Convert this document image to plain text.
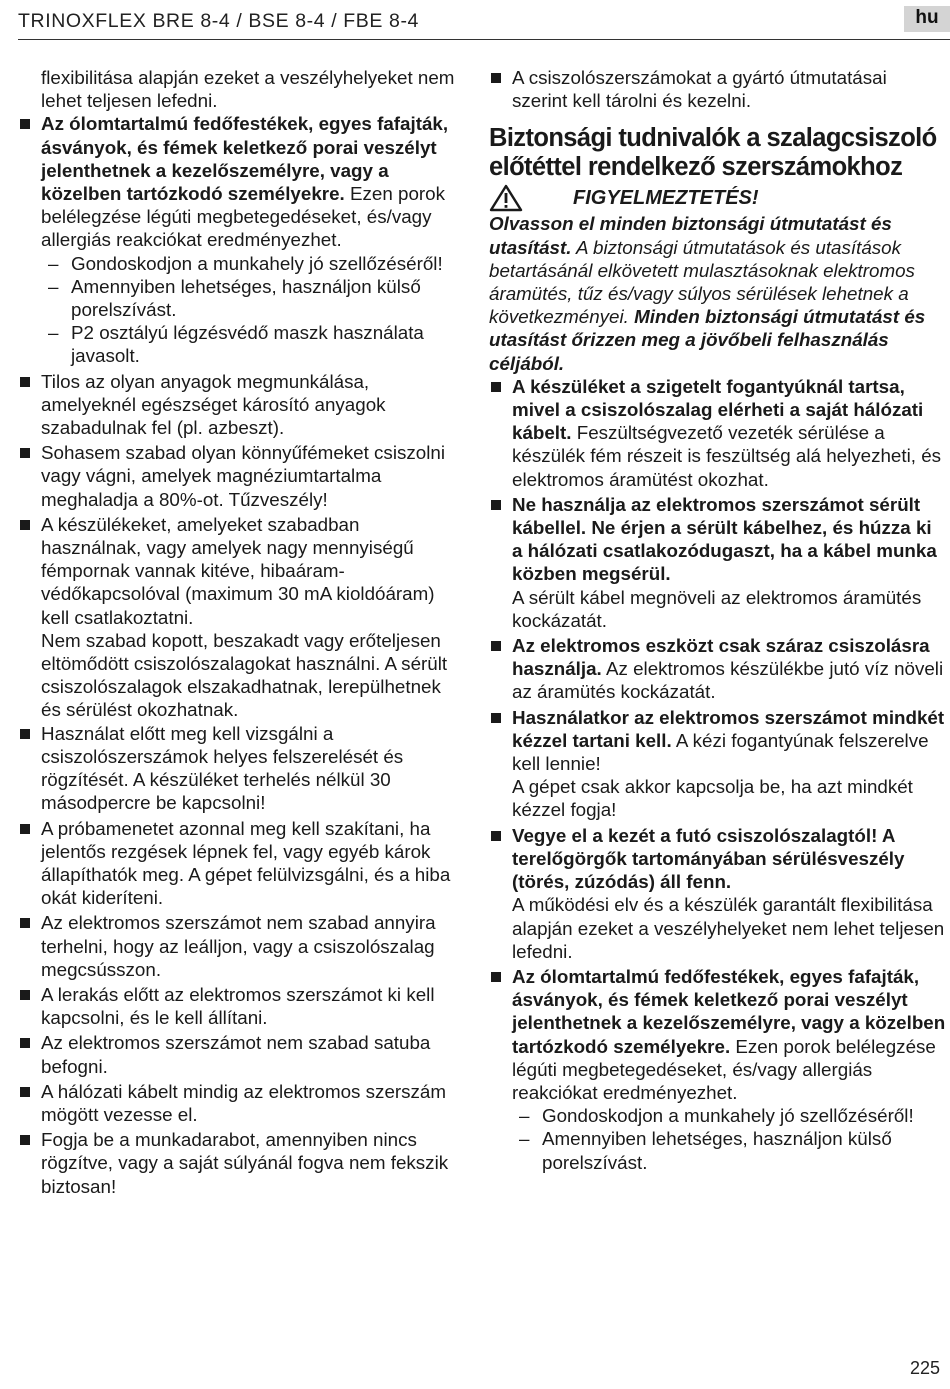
TRINOXFLEX BRE 8-4 / BSE 8-4 / FBE 8-4	hu

flexibilitása alapján ezeket a veszélyhelyeket nem lehet teljesen lefedni.

Az ólomtartalmú fedőfestékek, egyes fafajták, ásványok, és fémek keletkező porai veszélyt jelenthetnek a kezelőszemélyre, vagy a közelben tartózkodó személyekre. Ezen porok belélegzése légúti megbetegedéseket, és/vagy allergiás reakciókat eredményezhet.
– Gondoskodjon a munkahely jó szellőzéséről!
– Amennyiben lehetséges, használjon külső porelszívást.
– P2 osztályú légzésvédő maszk használata javasolt.
Tilos az olyan anyagok megmunkálása, amelyeknél egészséget károsító anyagok szabadulnak fel (pl. azbeszt).
Sohasem szabad olyan könnyűfémeket csiszolni vagy vágni, amelyek magnéziumtartalma meghaladja a 80%-ot. Tűzveszély!
A készülékeket, amelyeket szabadban használnak, vagy amelyek nagy mennyiségű fémpornak vannak kitéve, hibaáram-védőkapcsolóval (maximum 30 mA kioldóáram) kell csatlakoztatni.
Nem szabad kopott, beszakadt vagy erőteljesen eltömődött csiszolószalagokat használni. A sérült csiszolószalagok elszakadhatnak, lerepülhetnek és sérülést okozhatnak.
Használat előtt meg kell vizsgálni a csiszolószerszámok helyes felszerelését és rögzítését. A készüléket terhelés nélkül 30 másodpercre be kapcsolni!
A próbamenetet azonnal meg kell szakítani, ha jelentős rezgések lépnek fel, vagy egyéb károk állapíthatók meg. A gépet felülvizsgálni, és a hiba okát kideríteni.
Az elektromos szerszámot nem szabad annyira terhelni, hogy az leálljon, vagy a csiszolószalag megcsússzon.
A lerakás előtt az elektromos szerszámot ki kell kapcsolni, és le kell állítani.
Az elektromos szerszámot nem szabad satuba befogni.
A hálózati kábelt mindig az elektromos szerszám mögött vezesse el.
Fogja be a munkadarabot, amennyiben nincs rögzítve, vagy a saját súlyánál fogva nem fekszik biztosan!
A csiszolószerszámokat a gyártó útmutatásai szerint kell tárolni és kezelni.
Biztonsági tudnivalók a szalagcsiszoló előtéttel rendelkező szerszámokhoz
FIGYELMEZTETÉS!

Olvasson el minden biztonsági útmutatást és utasítást. A biztonsági útmutatások és utasítások betartásánál elkövetett mulasztásoknak elektromos áramütés, tűz és/vagy súlyos sérülések lehetnek a következményei. Minden biztonsági útmutatást és utasítást őrizzen meg a jövőbeli felhasználás céljából.

A készüléket a szigetelt fogantyúknál tartsa, mivel a csiszolószalag elérheti a saját hálózati kábelt. Feszültségvezető vezeték sérülése a készülék fém részeit is feszültség alá helyezheti, és elektromos áramütést okozhat.
Ne használja az elektromos szerszámot sérült kábellel. Ne érjen a sérült kábelhez, és húzza ki a hálózati csatlakozódugaszt, ha a kábel munka közben megsérül.
A sérült kábel megnöveli az elektromos áramütés kockázatát.
Az elektromos eszközt csak száraz csiszolásra használja. Az elektromos készülékbe jutó víz növeli az áramütés kockázatát.
Használatkor az elektromos szerszámot mindkét kézzel tartani kell. A kézi fogantyúnak felszerelve kell lennie!
A gépet csak akkor kapcsolja be, ha azt mindkét kézzel fogja!
Vegye el a kezét a futó csiszolószalagtól! A terelőgörgők tartományában sérülésveszély (törés, zúzódás) áll fenn.
A működési elv és a készülék garantált flexibilitása alapján ezeket a veszélyhelyeket nem lehet teljesen lefedni.
Az ólomtartalmú fedőfestékek, egyes fafajták, ásványok, és fémek keletkező porai veszélyt jelenthetnek a kezelőszemélyre, vagy a közelben tartózkodó személyekre. Ezen porok belélegzése légúti megbetegedéseket, és/vagy allergiás reakciókat eredményezhet.
– Gondoskodjon a munkahely jó szellőzéséről!
– Amennyiben lehetséges, használjon külső porelszívást.
225
